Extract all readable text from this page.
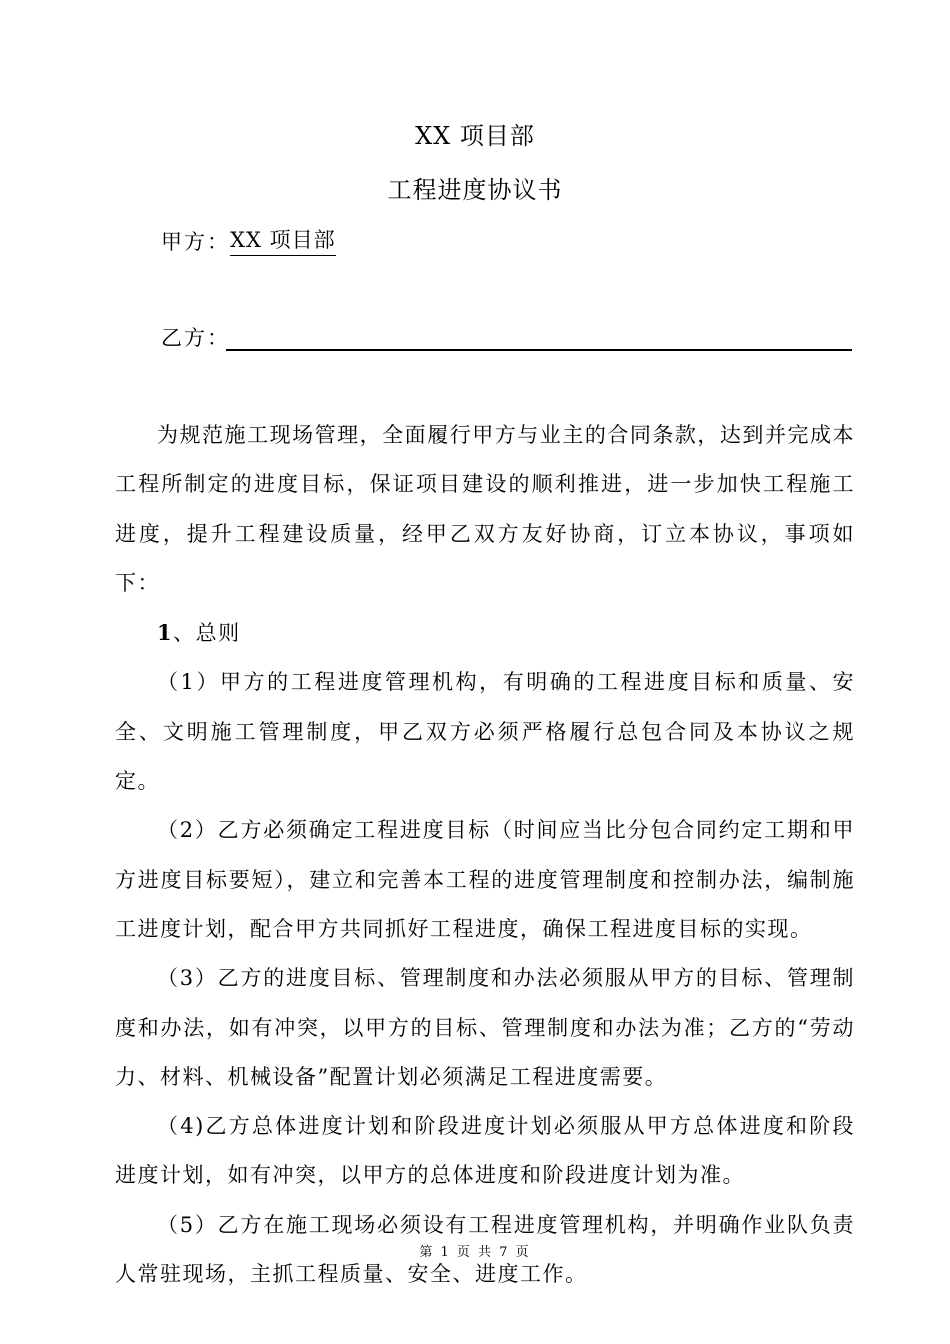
XX 项目部
工程进度协议书
甲方： XX 项目部
乙方：

为规范施工现场管理，全面履行甲方与业主的合同条款，达到并完成本工程所制定的进度目标，保证项目建设的顺利推进，进一步加快工程施工进度，提升工程建设质量，经甲乙双方友好协商，订立本协议，事项如下：

1、总则

（1）甲方的工程进度管理机构，有明确的工程进度目标和质量、安全、文明施工管理制度，甲乙双方必须严格履行总包合同及本协议之规定。

（2）乙方必须确定工程进度目标（时间应当比分包合同约定工期和甲方进度目标要短），建立和完善本工程的进度管理制度和控制办法，编制施工进度计划，配合甲方共同抓好工程进度，确保工程进度目标的实现。

（3）乙方的进度目标、管理制度和办法必须服从甲方的目标、管理制度和办法，如有冲突，以甲方的目标、管理制度和办法为准；乙方的“劳动力、材料、机械设备”配置计划必须满足工程进度需要。

（4)乙方总体进度计划和阶段进度计划必须服从甲方总体进度和阶段进度计划，如有冲突，以甲方的总体进度和阶段进度计划为准。

（5）乙方在施工现场必须设有工程进度管理机构，并明确作业队负责人常驻现场，主抓工程质量、安全、进度工作。

第 1 页 共 7 页
